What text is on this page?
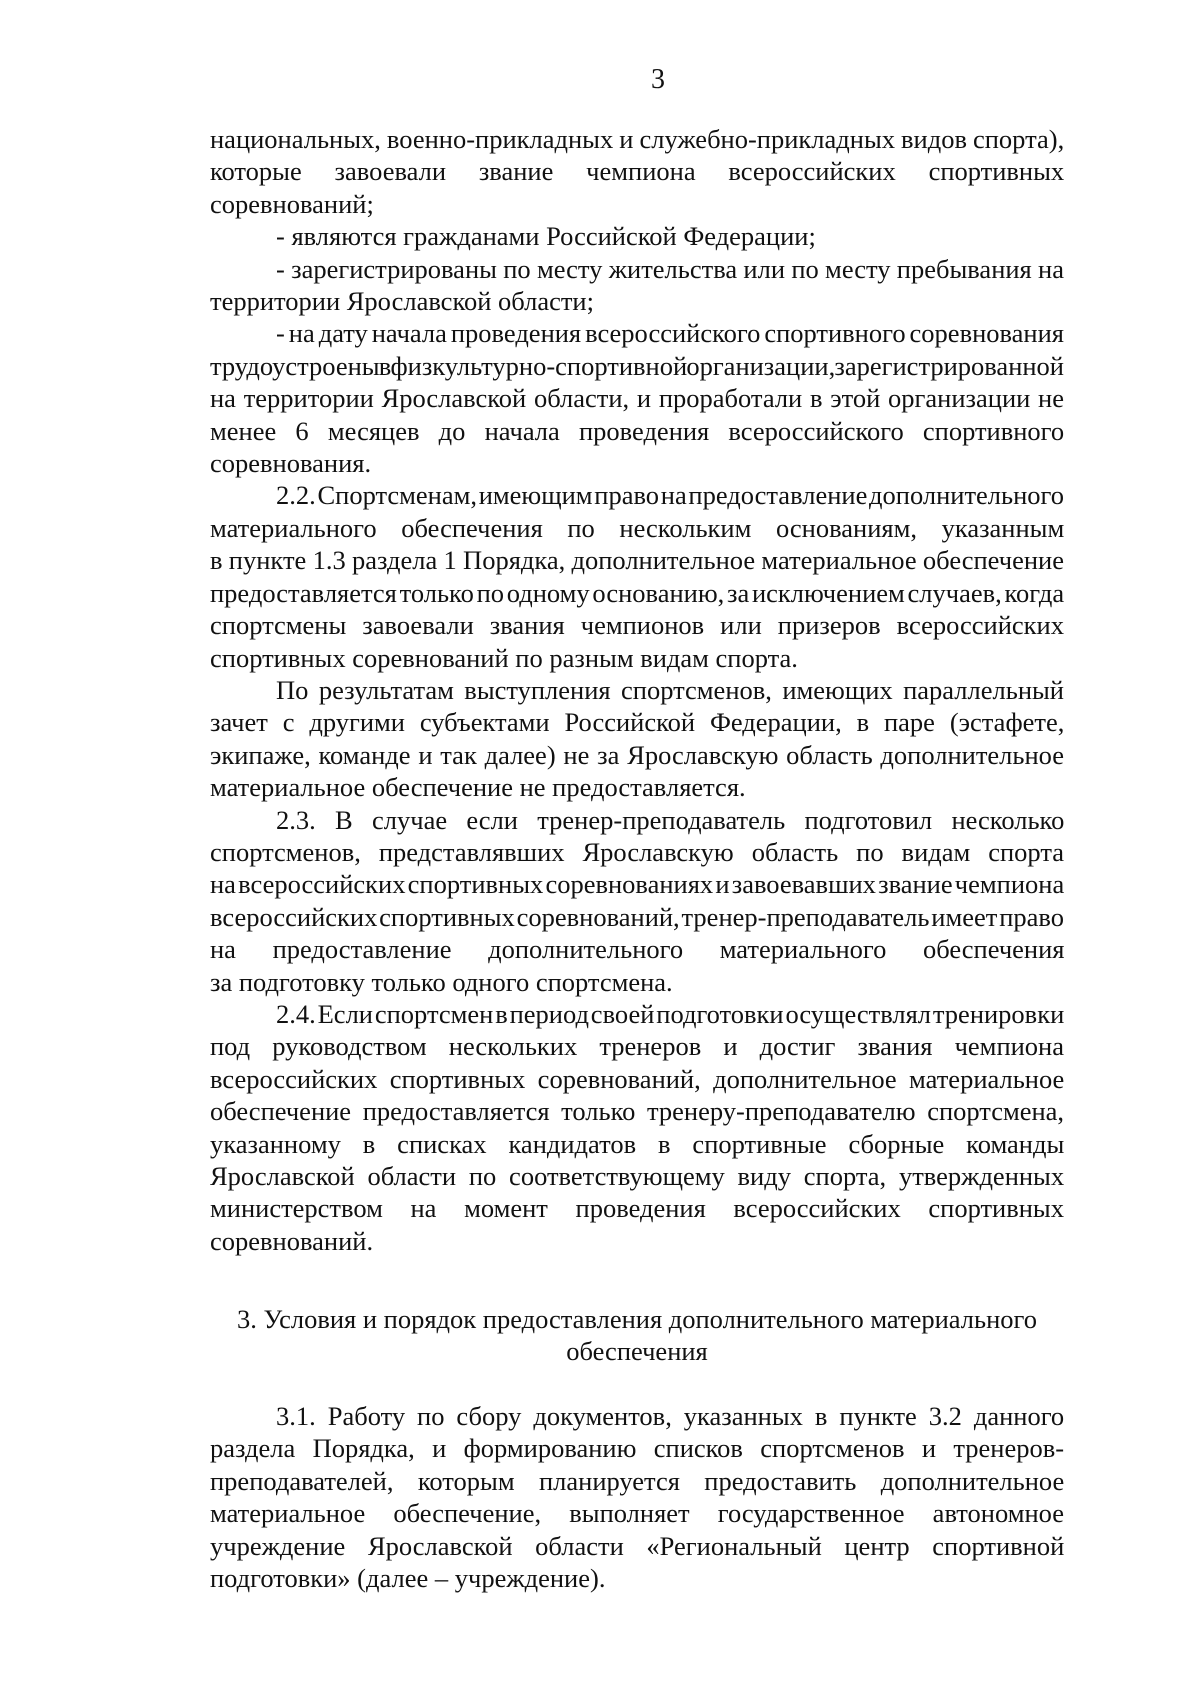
3
национальных, военно-прикладных и служебно-прикладных видов спорта),
которые завоевали звание чемпиона всероссийских спортивных
соревнований;
- являются гражданами Российской Федерации;
- зарегистрированы по месту жительства или по месту пребывания на
территории Ярославской области;
- на дату начала проведения всероссийского спортивного соревнования
трудоустроены в физкультурно-спортивной организации, зарегистрированной
на территории Ярославской области, и проработали в этой организации не
менее 6 месяцев до начала проведения всероссийского спортивного
соревнования.
2.2. Спортсменам, имеющим право на предоставление дополнительного
материального обеспечения по нескольким основаниям, указанным
в пункте 1.3 раздела 1 Порядка, дополнительное материальное обеспечение
предоставляется только по одному основанию, за исключением случаев, когда
спортсмены завоевали звания чемпионов или призеров всероссийских
спортивных соревнований по разным видам спорта.
По результатам выступления спортсменов, имеющих параллельный
зачет с другими субъектами Российской Федерации, в паре (эстафете,
экипаже, команде и так далее) не за Ярославскую область дополнительное
материальное обеспечение не предоставляется.
2.3. В случае если тренер-преподаватель подготовил несколько
спортсменов, представлявших Ярославскую область по видам спорта
на всероссийских спортивных соревнованиях и завоевавших звание чемпиона
всероссийских спортивных соревнований, тренер-преподаватель имеет право
на предоставление дополнительного материального обеспечения
за подготовку только одного спортсмена.
2.4. Если спортсмен в период своей подготовки осуществлял тренировки
под руководством нескольких тренеров и достиг звания чемпиона
всероссийских спортивных соревнований, дополнительное материальное
обеспечение предоставляется только тренеру-преподавателю спортсмена,
указанному в списках кандидатов в спортивные сборные команды
Ярославской области по соответствующему виду спорта, утвержденных
министерством на момент проведения всероссийских спортивных
соревнований.
3. Условия и порядок предоставления дополнительного материального
обеспечения
3.1. Работу по сбору документов, указанных в пункте 3.2 данного
раздела Порядка, и формированию списков спортсменов и тренеров-
преподавателей, которым планируется предоставить дополнительное
материальное обеспечение, выполняет государственное автономное
учреждение Ярославской области «Региональный центр спортивной
подготовки» (далее – учреждение).
